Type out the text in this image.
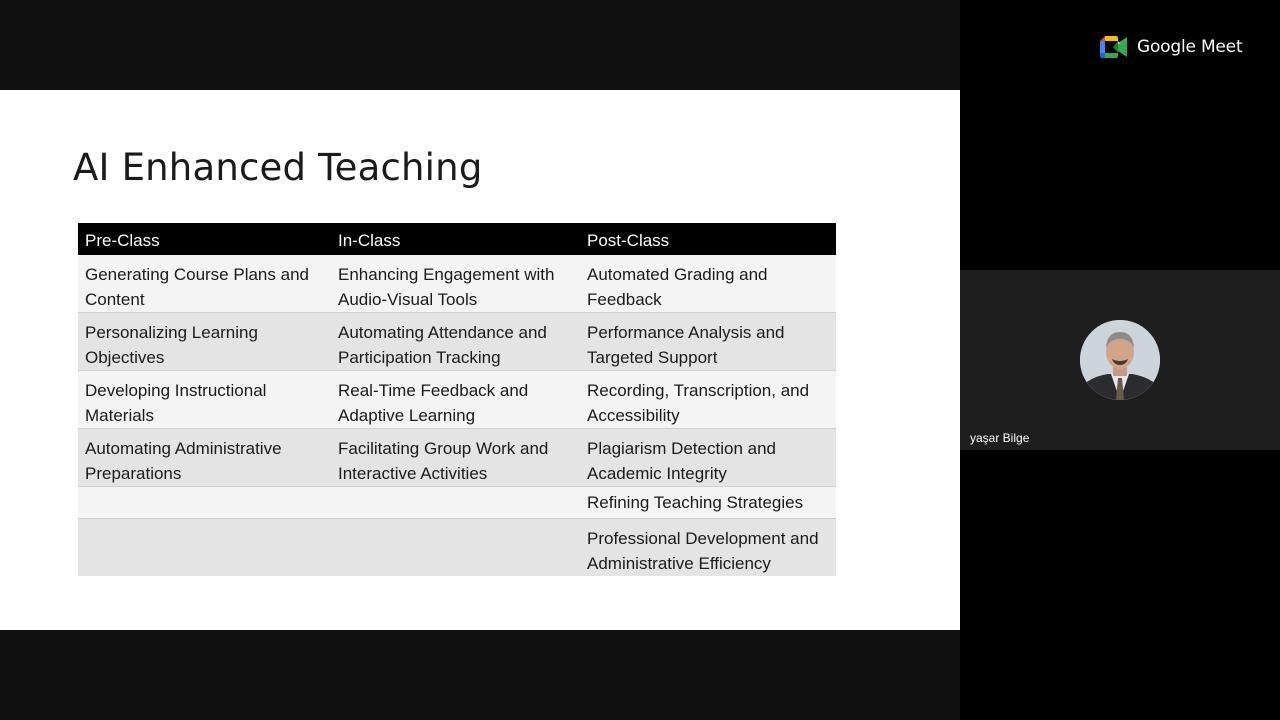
AI Enhanced Teaching
Pre-Class	In-Class	Post-Class
Generating Course Plans and Content	Enhancing Engagement with Audio-Visual Tools	Automated Grading and Feedback
Personalizing Learning Objectives	Automating Attendance and Participation Tracking	Performance Analysis and Targeted Support
Developing Instructional Materials	Real-Time Feedback and Adaptive Learning	Recording, Transcription, and Accessibility
Automating Administrative Preparations	Facilitating Group Work and Interactive Activities	Plagiarism Detection and Academic Integrity
		Refining Teaching Strategies
		Professional Development and Administrative Efficiency
Google Meet
yaşar Bilge
